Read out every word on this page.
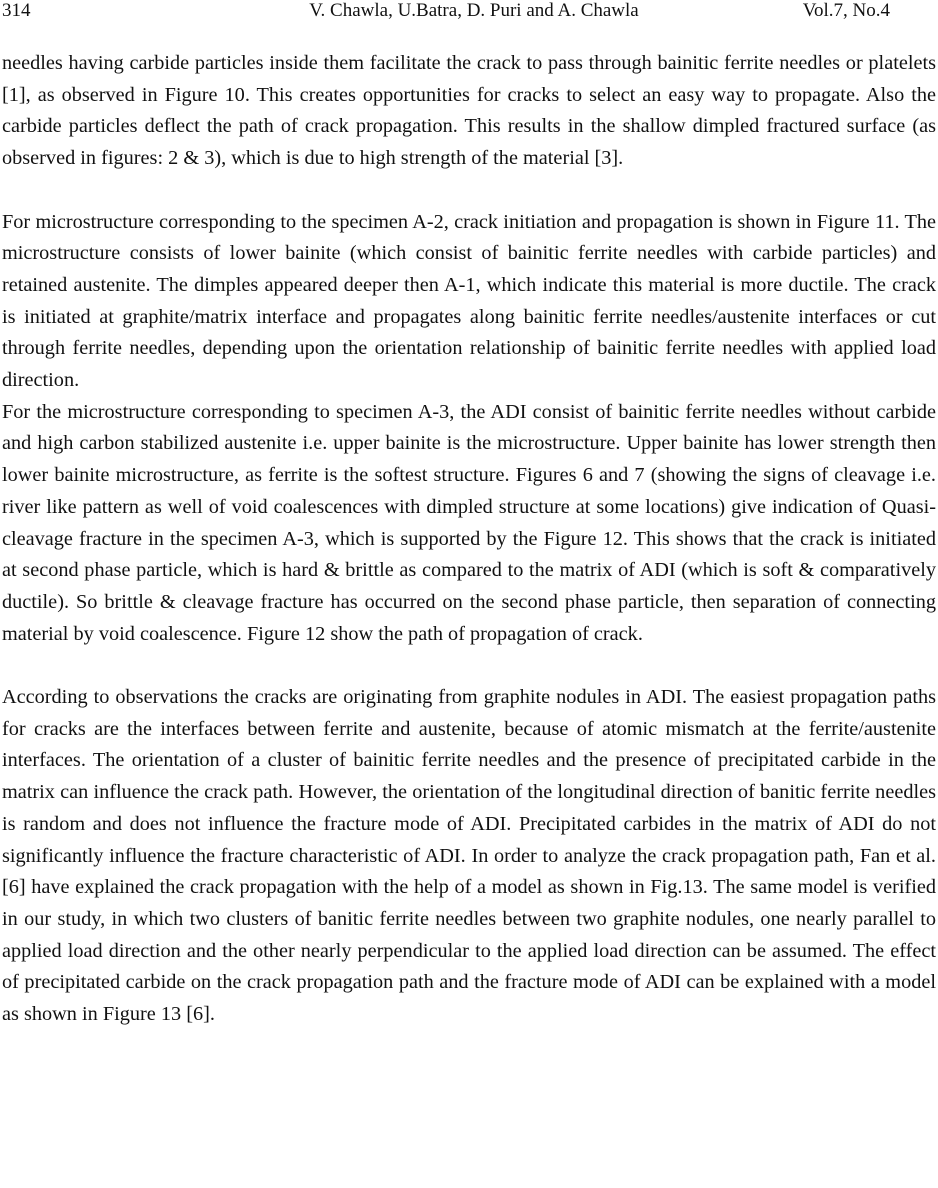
314	V. Chawla, U.Batra, D. Puri and A. Chawla	Vol.7, No.4

needles having carbide particles inside them facilitate the crack to pass through bainitic ferrite needles or platelets [1], as observed in Figure 10. This creates opportunities for cracks to select an easy way to propagate. Also the carbide particles deflect the path of crack propagation. This results in the shallow dimpled fractured surface (as observed in figures: 2 & 3), which is due to high strength of the material [3].

For microstructure corresponding to the specimen A-2, crack initiation and propagation is shown in Figure 11. The microstructure consists of lower bainite (which consist of bainitic ferrite needles with carbide particles) and retained austenite. The dimples appeared deeper then A-1, which indicate this material is more ductile. The crack is initiated at graphite/matrix interface and propagates along bainitic ferrite needles/austenite interfaces or cut through ferrite needles, depending upon the orientation relationship of bainitic ferrite needles with applied load direction.

For the microstructure corresponding to specimen A-3, the ADI consist of bainitic ferrite needles without carbide and high carbon stabilized austenite i.e. upper bainite is the microstructure. Upper bainite has lower strength then lower bainite microstructure, as ferrite is the softest structure. Figures 6 and 7 (showing the signs of cleavage i.e. river like pattern as well of void coalescences with dimpled structure at some locations) give indication of Quasi-cleavage fracture in the specimen A-3, which is supported by the Figure 12. This shows that the crack is initiated at second phase particle, which is hard & brittle as compared to the matrix of ADI (which is soft & comparatively ductile). So brittle & cleavage fracture has occurred on the second phase particle, then separation of connecting material by void coalescence. Figure 12 show the path of propagation of crack.

According to observations the cracks are originating from graphite nodules in ADI. The easiest propagation paths for cracks are the interfaces between ferrite and austenite, because of atomic mismatch at the ferrite/austenite interfaces. The orientation of a cluster of bainitic ferrite needles and the presence of precipitated carbide in the matrix can influence the crack path. However, the orientation of the longitudinal direction of banitic ferrite needles is random and does not influence the fracture mode of ADI. Precipitated carbides in the matrix of ADI do not significantly influence the fracture characteristic of ADI. In order to analyze the crack propagation path, Fan et al. [6] have explained the crack propagation with the help of a model as shown in Fig.13. The same model is verified in our study, in which two clusters of banitic ferrite needles between two graphite nodules, one nearly parallel to applied load direction and the other nearly perpendicular to the applied load direction can be assumed. The effect of precipitated carbide on the crack propagation path and the fracture mode of ADI can be explained with a model as shown in Figure 13 [6].
